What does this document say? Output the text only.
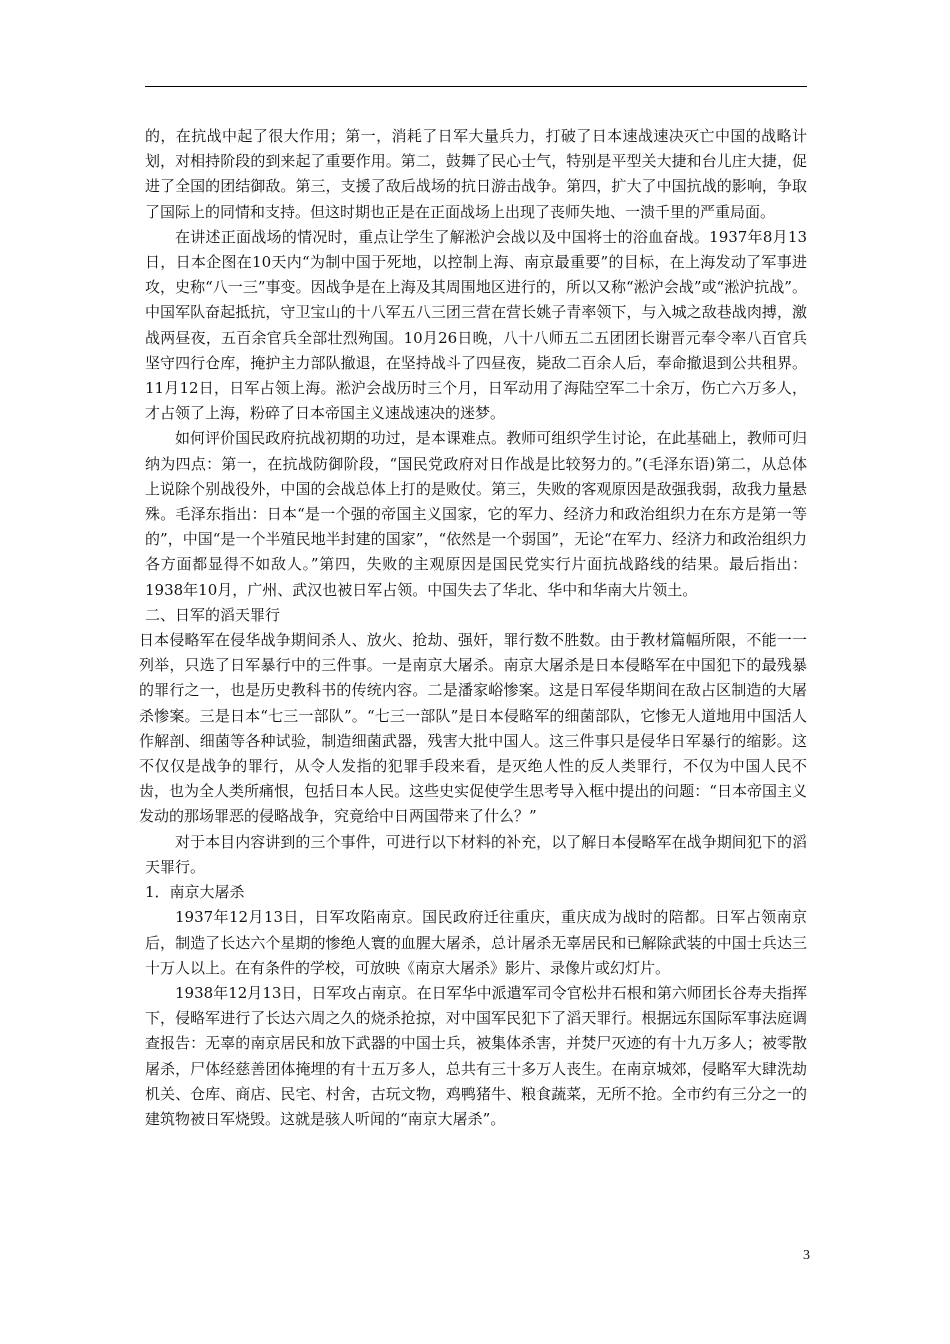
的，在抗战中起了很大作用；第一，消耗了日军大量兵力，打破了日本速战速决灭亡中国的战略计划，对相持阶段的到来起了重要作用。第二，鼓舞了民心士气，特别是平型关大捷和台儿庄大捷，促进了全国的团结御敌。第三，支援了敌后战场的抗日游击战争。第四，扩大了中国抗战的影响，争取了国际上的同情和支持。但这时期也正是在正面战场上出现了丧师失地、一溃千里的严重局面。

在讲述正面战场的情况时，重点让学生了解淞沪会战以及中国将士的浴血奋战。1937年8月13日，日本企图在10天内“为制中国于死地，以控制上海、南京最重要”的目标，在上海发动了军事进攻，史称“八一三”事变。因战争是在上海及其周围地区进行的，所以又称“淞沪会战”或“淞沪抗战”。中国军队奋起抵抗，守卫宝山的十八军五八三团三营在营长姚子青率领下，与入城之敌巷战肉搏，激战两昼夜，五百余官兵全部壮烈殉国。10月26日晚，八十八师五二五团团长谢晋元奉令率八百官兵坚守四行仓库，掩护主力部队撤退，在坚持战斗了四昼夜，毙敌二百余人后，奉命撤退到公共租界。11月12日，日军占领上海。淞沪会战历时三个月，日军动用了海陆空军二十余万，伤亡六万多人，才占领了上海，粉碎了日本帝国主义速战速决的迷梦。

如何评价国民政府抗战初期的功过，是本课难点。教师可组织学生讨论，在此基础上，教师可归纳为四点：第一，在抗战防御阶段，“国民党政府对日作战是比较努力的。”(毛泽东语)第二，从总体上说除个别战役外，中国的会战总体上打的是败仗。第三，失败的客观原因是敌强我弱，敌我力量悬殊。毛泽东指出：日本“是一个强的帝国主义国家，它的军力、经济力和政治组织力在东方是第一等的”，中国“是一个半殖民地半封建的国家”，“依然是一个弱国”，无论“在军力、经济力和政治组织力各方面都显得不如敌人。”第四，失败的主观原因是国民党实行片面抗战路线的结果。最后指出：1938年10月，广州、武汉也被日军占领。中国失去了华北、华中和华南大片领土。

二、日军的滔天罪行

日本侵略军在侵华战争期间杀人、放火、抢劫、强奸，罪行数不胜数。由于教材篇幅所限，不能一一列举，只选了日军暴行中的三件事。一是南京大屠杀。南京大屠杀是日本侵略军在中国犯下的最残暴的罪行之一，也是历史教科书的传统内容。二是潘家峪惨案。这是日军侵华期间在敌占区制造的大屠杀惨案。三是日本“七三一部队”。“七三一部队”是日本侵略军的细菌部队，它惨无人道地用中国活人作解剖、细菌等各种试验，制造细菌武器，残害大批中国人。这三件事只是侵华日军暴行的缩影。这不仅仅是战争的罪行，从令人发指的犯罪手段来看，是灭绝人性的反人类罪行，不仅为中国人民不齿，也为全人类所痛恨，包括日本人民。这些史实促使学生思考导入框中提出的问题：“日本帝国主义发动的那场罪恶的侵略战争，究竟给中日两国带来了什么？”

对于本目内容讲到的三个事件，可进行以下材料的补充，以了解日本侵略军在战争期间犯下的滔天罪行。

1．南京大屠杀

1937年12月13日，日军攻陷南京。国民政府迁往重庆，重庆成为战时的陪都。日军占领南京后，制造了长达六个星期的惨绝人寰的血腥大屠杀，总计屠杀无辜居民和已解除武装的中国士兵达三十万人以上。在有条件的学校，可放映《南京大屠杀》影片、录像片或幻灯片。

1938年12月13日，日军攻占南京。在日军华中派遣军司令官松井石根和第六师团长谷寿夫指挥下，侵略军进行了长达六周之久的烧杀抢掠，对中国军民犯下了滔天罪行。根据远东国际军事法庭调查报告：无辜的南京居民和放下武器的中国士兵，被集体杀害，并焚尸灭迹的有十九万多人；被零散屠杀，尸体经慈善团体掩埋的有十五万多人，总共有三十多万人丧生。在南京城郊，侵略军大肆洗劫机关、仓库、商店、民宅、村舍，古玩文物，鸡鸭猪牛、粮食蔬菜，无所不抢。全市约有三分之一的建筑物被日军烧毁。这就是骇人听闻的“南京大屠杀”。

3
